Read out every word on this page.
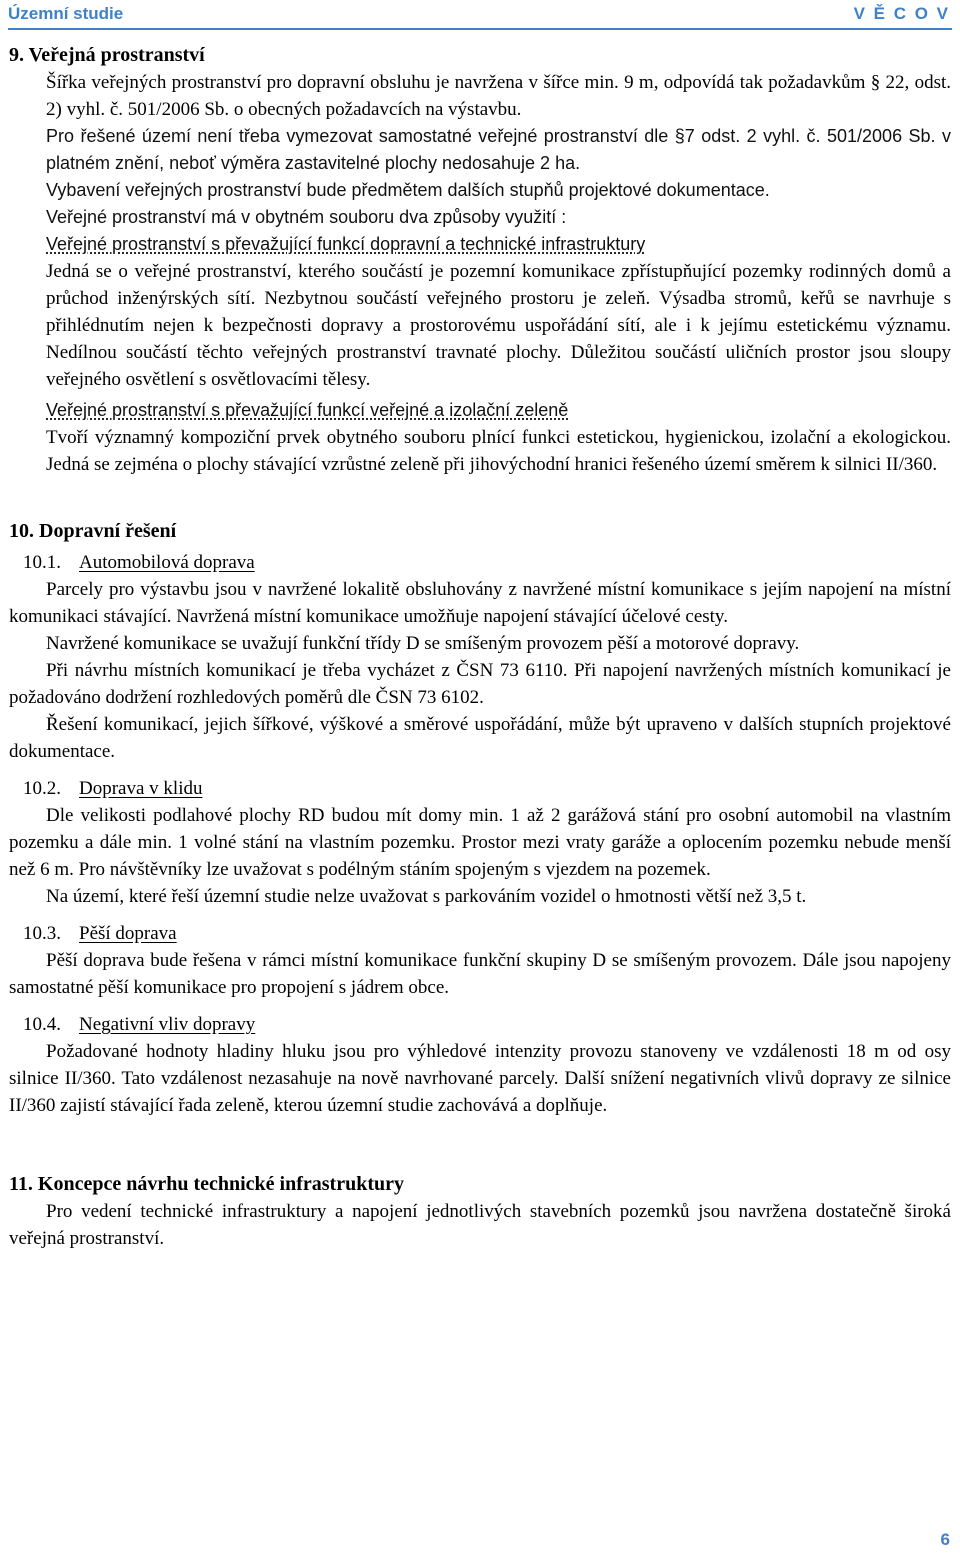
Územní studie	V Ě C O V
9. Veřejná prostranství
Šířka veřejných prostranství pro dopravní obsluhu je navržena v šířce min. 9 m, odpovídá tak požadavkům § 22, odst. 2) vyhl. č. 501/2006 Sb. o obecných požadavcích na výstavbu.
Pro řešené území není třeba vymezovat samostatné veřejné prostranství dle §7 odst. 2 vyhl. č. 501/2006 Sb. v platném znění, neboť výměra zastavitelné plochy nedosahuje 2 ha.
Vybavení veřejných prostranství bude předmětem dalších stupňů projektové dokumentace.
Veřejné prostranství má v obytném souboru dva způsoby využití :
Veřejné prostranství s převažující funkcí dopravní a technické infrastruktury
Jedná se o veřejné prostranství, kterého součástí je pozemní komunikace zpřístupňující pozemky rodinných domů a průchod inženýrských sítí. Nezbytnou součástí veřejného prostoru je zeleň. Výsadba stromů, keřů se navrhuje s přihlédnutím nejen k bezpečnosti dopravy a prostorovému uspořádání sítí, ale i k jejímu estetickému významu. Nedílnou součástí těchto veřejných prostranství travnaté plochy. Důležitou součástí uličních prostor jsou sloupy veřejného osvětlení s osvětlovacími tělesy.
Veřejné prostranství s převažující funkcí veřejné a izolační zeleně
Tvoří významný kompoziční prvek obytného souboru plnící funkci estetickou, hygienickou, izolační a ekologickou. Jedná se zejména o plochy stávající vzrůstné zeleně při jihovýchodní hranici řešeného území směrem k silnici II/360.
10. Dopravní řešení
10.1. Automobilová doprava
Parcely pro výstavbu jsou v navržené lokalitě obsluhovány z navržené místní komunikace s jejím napojení na místní komunikaci stávající. Navržená místní komunikace umožňuje napojení stávající účelové cesty.
Navržené komunikace se uvažují funkční třídy D se smíšeným provozem pěší a motorové dopravy.
Při návrhu místních komunikací je třeba vycházet z ČSN 73 6110. Při napojení navržených místních komunikací je požadováno dodržení rozhledových poměrů dle ČSN 73 6102.
Řešení komunikací, jejich šířkové, výškové a směrové uspořádání, může být upraveno v dalších stupních projektové dokumentace.
10.2. Doprava v klidu
Dle velikosti podlahové plochy RD budou mít domy min. 1 až 2 garážová stání pro osobní automobil na vlastním pozemku a dále min. 1 volné stání na vlastním pozemku. Prostor mezi vraty garáže a oplocením pozemku nebude menší než 6 m. Pro návštěvníky lze uvažovat s podélným stáním spojeným s vjezdem na pozemek.
Na území, které řeší územní studie nelze uvažovat s parkováním vozidel o hmotnosti větší než 3,5 t.
10.3. Pěší doprava
Pěší doprava bude řešena v rámci místní komunikace funkční skupiny D se smíšeným provozem. Dále jsou napojeny samostatné pěší komunikace pro propojení s jádrem obce.
10.4. Negativní vliv dopravy
Požadované hodnoty hladiny hluku jsou pro výhledové intenzity provozu stanoveny ve vzdálenosti 18 m od osy silnice II/360. Tato vzdálenost nezasahuje na nově navrhované parcely. Další snížení negativních vlivů dopravy ze silnice II/360 zajistí stávající řada zeleně, kterou územní studie zachovává a doplňuje.
11. Koncepce návrhu technické infrastruktury
Pro vedení technické infrastruktury a napojení jednotlivých stavebních pozemků jsou navržena dostatečně široká veřejná prostranství.
6
